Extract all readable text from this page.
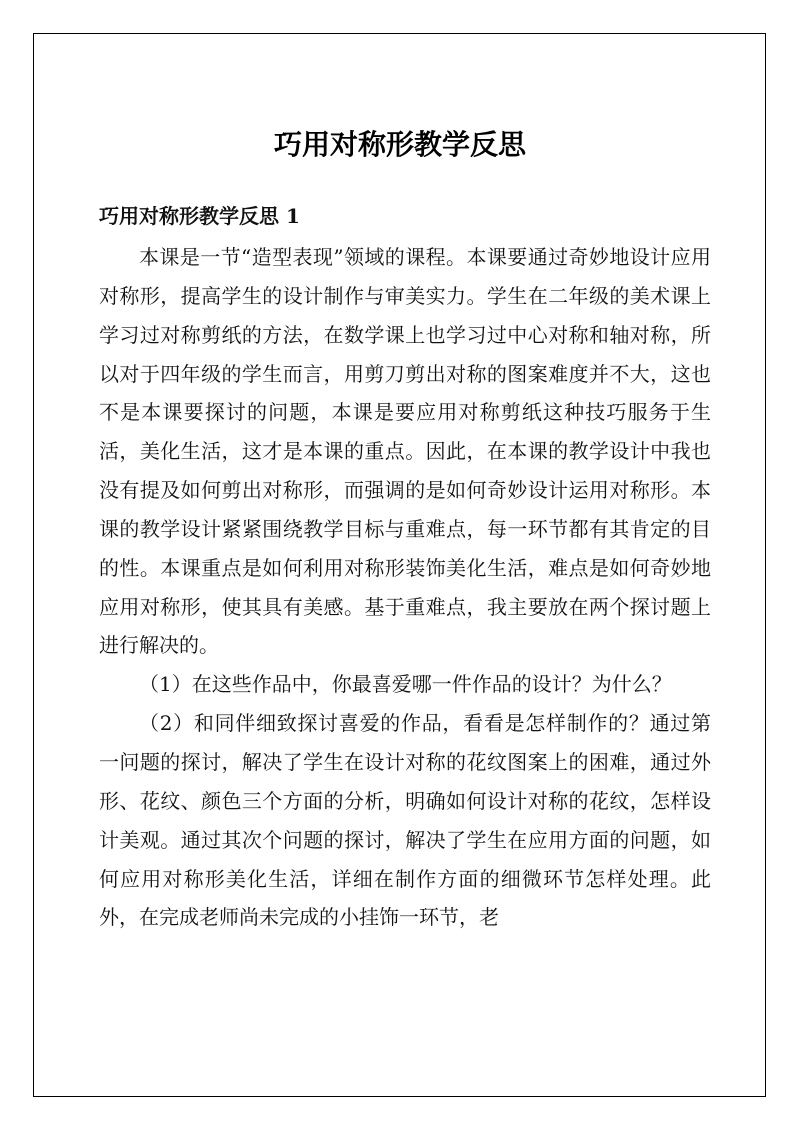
巧用对称形教学反思
巧用对称形教学反思 1

本课是一节“造型表现”领域的课程。本课要通过奇妙地设计应用对称形，提高学生的设计制作与审美实力。学生在二年级的美术课上学习过对称剪纸的方法，在数学课上也学习过中心对称和轴对称，所以对于四年级的学生而言，用剪刀剪出对称的图案难度并不大，这也不是本课要探讨的问题，本课是要应用对称剪纸这种技巧服务于生活，美化生活，这才是本课的重点。因此，在本课的教学设计中我也没有提及如何剪出对称形，而强调的是如何奇妙设计运用对称形。本课的教学设计紧紧围绕教学目标与重难点，每一环节都有其肯定的目的性。本课重点是如何利用对称形装饰美化生活，难点是如何奇妙地应用对称形，使其具有美感。基于重难点，我主要放在两个探讨题上进行解决的。

（1）在这些作品中，你最喜爱哪一件作品的设计？为什么？

（2）和同伴细致探讨喜爱的作品，看看是怎样制作的？通过第一问题的探讨，解决了学生在设计对称的花纹图案上的困难，通过外形、花纹、颜色三个方面的分析，明确如何设计对称的花纹，怎样设计美观。通过其次个问题的探讨，解决了学生在应用方面的问题，如何应用对称形美化生活，详细在制作方面的细微环节怎样处理。此外，在完成老师尚未完成的小挂饰一环节，老
